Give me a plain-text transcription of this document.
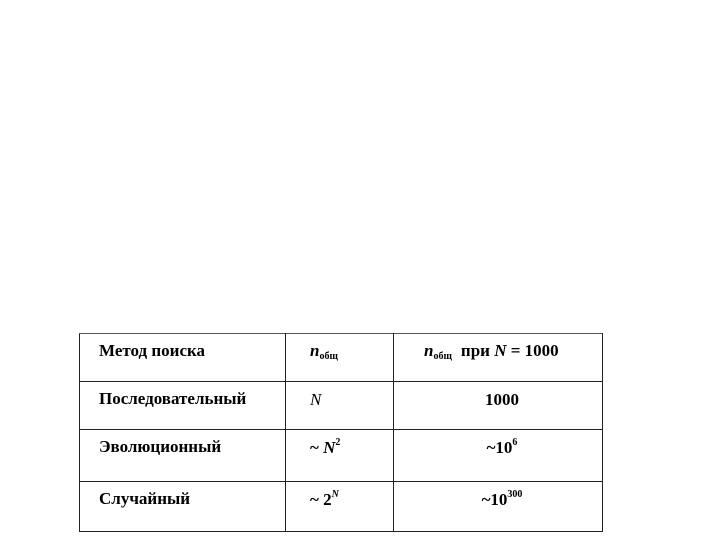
Метод поиска	$n_{общ}$	$n_{общ}$ при N = 1000

Последовательный	N	1000

Эволюционный	~ $N^2$	$\sim 10^6$

Случайный	~ $2^N$	$\sim 10^{300}$
